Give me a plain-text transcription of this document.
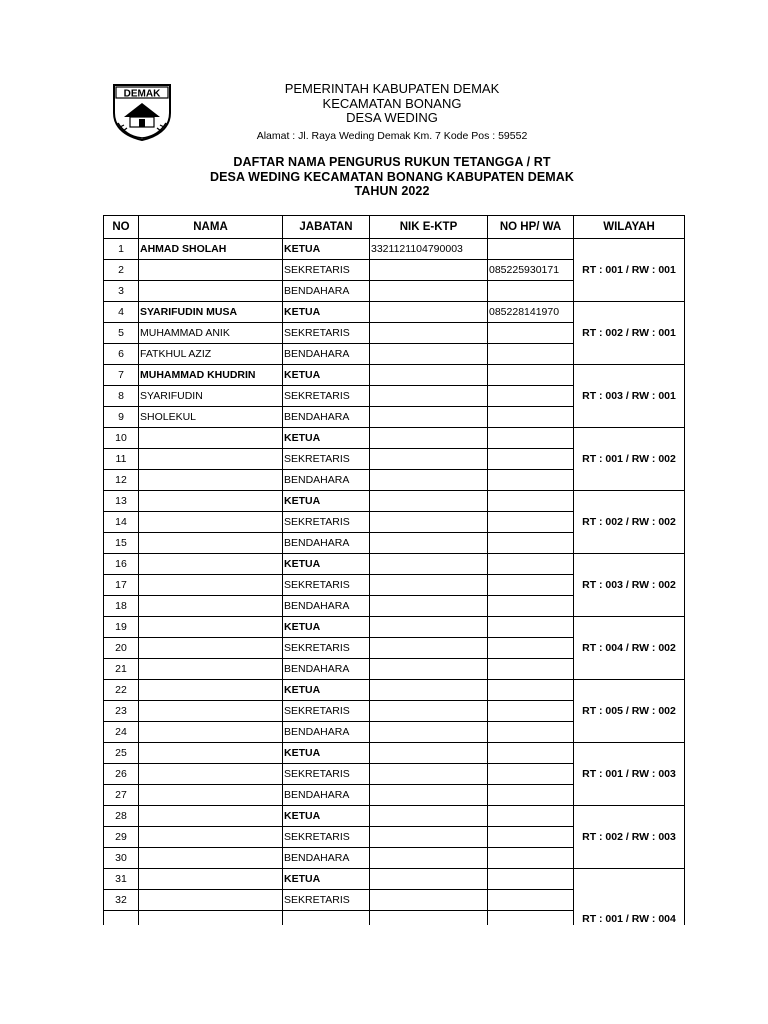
DEMAK	PEMERINTAH KABUPATEN DEMAK
KECAMATAN BONANG
DESA WEDING
Alamat : Jl. Raya Weding Demak Km. 7 Kode Pos : 59552
DAFTAR NAMA PENGURUS RUKUN TETANGGA / RT
DESA WEDING KECAMATAN BONANG KABUPATEN DEMAK
TAHUN 2022
NO	NAMA	JABATAN	NIK E-KTP	NO HP/ WA	WILAYAH
1	AHMAD SHOLAH	KETUA	3321121104790003		RT : 001 / RW : 001
2		SEKRETARIS		085225930171	
3		BENDAHARA			
4	SYARIFUDIN MUSA	KETUA		085228141970	RT : 002 / RW : 001
5	MUHAMMAD ANIK	SEKRETARIS			
6	FATKHUL AZIZ	BENDAHARA			
7	MUHAMMAD KHUDRIN	KETUA			RT : 003 / RW : 001
8	SYARIFUDIN	SEKRETARIS			
9	SHOLEKUL	BENDAHARA			
10		KETUA			RT : 001 / RW : 002
11		SEKRETARIS			
12		BENDAHARA			
13		KETUA			RT : 002 / RW : 002
14		SEKRETARIS			
15		BENDAHARA			
16		KETUA			RT : 003 / RW : 002
17		SEKRETARIS			
18		BENDAHARA			
19		KETUA			RT : 004 / RW : 002
20		SEKRETARIS			
21		BENDAHARA			
22		KETUA			RT : 005 / RW : 002
23		SEKRETARIS			
24		BENDAHARA			
25		KETUA			RT : 001 / RW : 003
26		SEKRETARIS			
27		BENDAHARA			
28		KETUA			RT : 002 / RW : 003
29		SEKRETARIS			
30		BENDAHARA			
31		KETUA			RT : 001 / RW : 004
32		SEKRETARIS			
